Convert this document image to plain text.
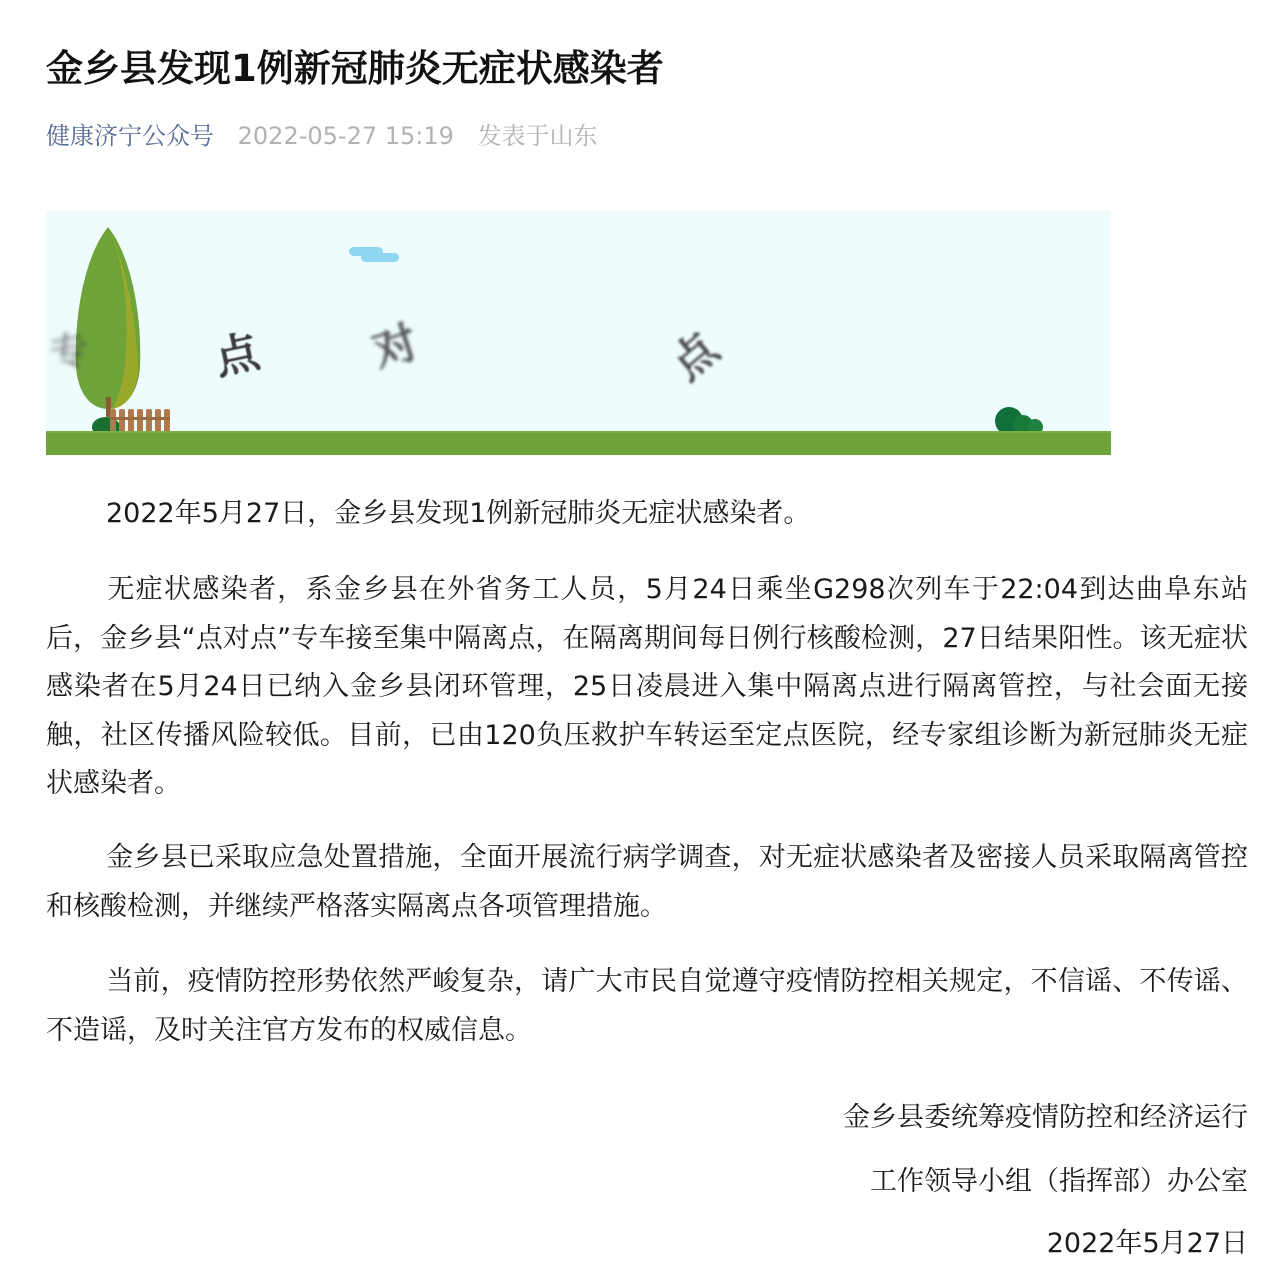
金乡县发现1例新冠肺炎无症状感染者
健康济宁公众号 2022-05-27 15:19 发表于山东
专	点 对	点

2022年5月27日，金乡县发现1例新冠肺炎无症状感染者。

无症状感染者，系金乡县在外省务工人员，5月24日乘坐G298次列车于22:04到达曲阜东站后，金乡县“点对点”专车接至集中隔离点，在隔离期间每日例行核酸检测，27日结果阳性。该无症状感染者在5月24日已纳入金乡县闭环管理，25日凌晨进入集中隔离点进行隔离管控，与社会面无接触，社区传播风险较低。目前，已由120负压救护车转运至定点医院，经专家组诊断为新冠肺炎无症状感染者。

金乡县已采取应急处置措施，全面开展流行病学调查，对无症状感染者及密接人员采取隔离管控和核酸检测，并继续严格落实隔离点各项管理措施。

当前，疫情防控形势依然严峻复杂，请广大市民自觉遵守疫情防控相关规定，不信谣、不传谣、不造谣，及时关注官方发布的权威信息。

金乡县委统筹疫情防控和经济运行

工作领导小组（指挥部）办公室

2022年5月27日
